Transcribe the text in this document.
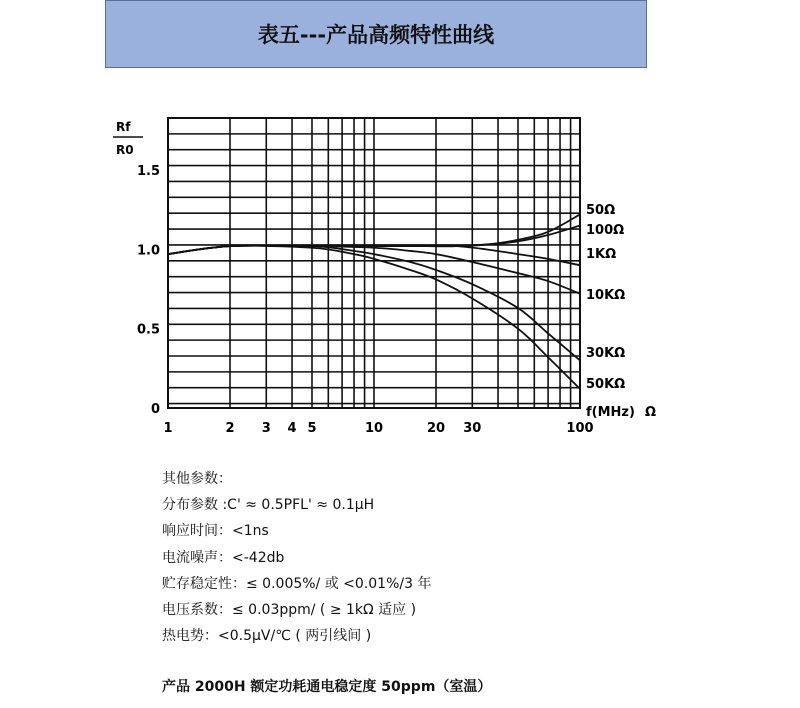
表五---产品高频特性曲线
1	2 3 4 5	10	20 30	100
1.5
1.0
0.5
0
50Ω
100Ω
1KΩ
10KΩ
30KΩ
50KΩ
Rf
R0
f(MHz) Ω
其他参数：
分布参数 :C' ≈ 0.5PFL' ≈ 0.1μH
响应时间：<1ns
电流噪声：<-42db
贮存稳定性：≤ 0.005%/ 或 <0.01%/3 年
电压系数：≤ 0.03ppm/ ( ≥ 1kΩ 适应 )
热电势：<0.5μV/℃ ( 两引线间 )
产品 2000H 额定功耗通电稳定度 50ppm（室温）
